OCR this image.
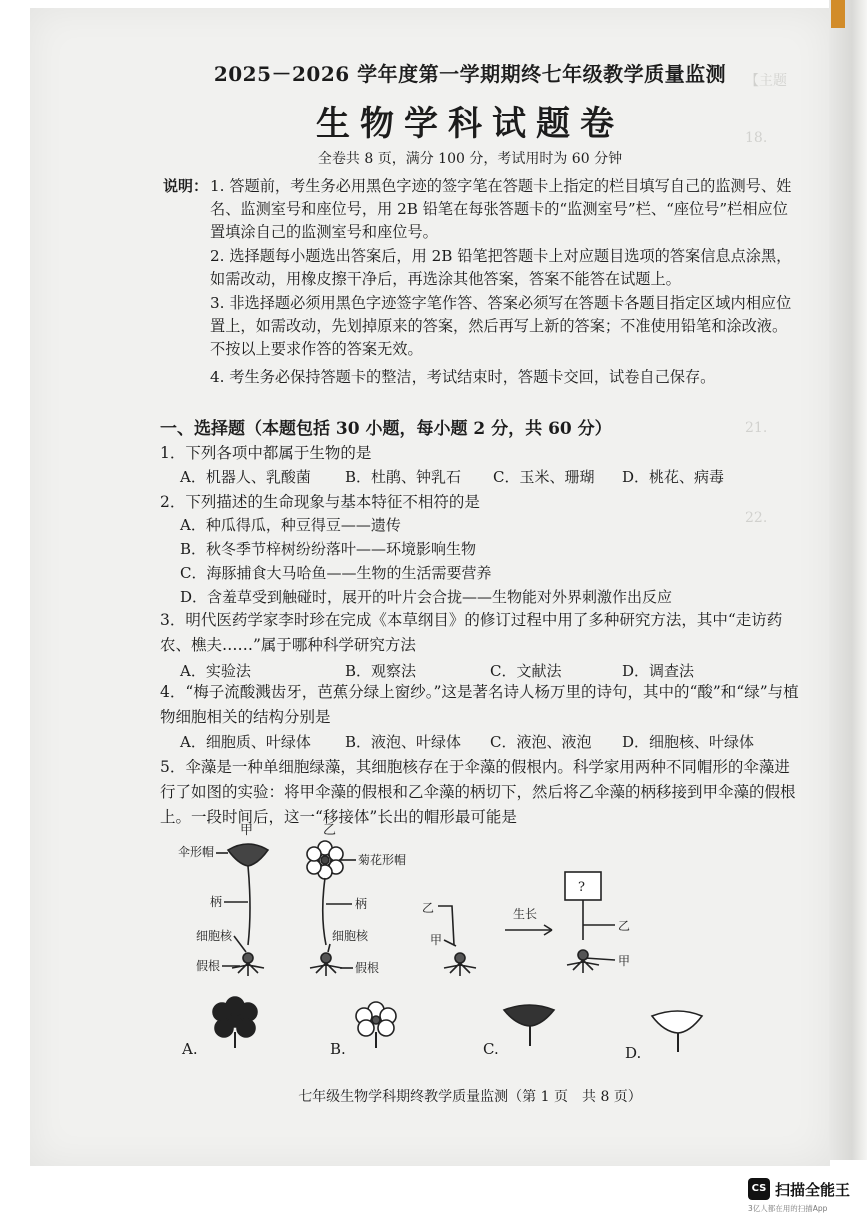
【主题
18.
21.
22.
2025－2026 学年度第一学期期终七年级教学质量监测
生物学科试题卷
全卷共 8 页，满分 100 分，考试用时为 60 分钟
说明： 1. 答题前，考生务必用黑色字迹的签字笔在答题卡上指定的栏目填写自己的监测号、姓名、监测室号和座位号，用 2B 铅笔在每张答题卡的“监测室号”栏、“座位号”栏相应位置填涂自己的监测室号和座位号。
2. 选择题每小题选出答案后，用 2B 铅笔把答题卡上对应题目选项的答案信息点涂黑，如需改动，用橡皮擦干净后，再选涂其他答案，答案不能答在试题上。
3. 非选择题必须用黑色字迹签字笔作答、答案必须写在答题卡各题目指定区域内相应位置上，如需改动，先划掉原来的答案，然后再写上新的答案；不准使用铅笔和涂改液。不按以上要求作答的答案无效。
4. 考生务必保持答题卡的整洁，考试结束时，答题卡交回，试卷自己保存。
一、选择题（本题包括 30 小题，每小题 2 分，共 60 分）
1．下列各项中都属于生物的是
A．机器人、乳酸菌 B．杜鹃、钟乳石 C．玉米、珊瑚 D．桃花、病毒
2．下列描述的生命现象与基本特征不相符的是
A．种瓜得瓜，种豆得豆——遗传
B．秋冬季节梓树纷纷落叶——环境影响生物
C．海豚捕食大马哈鱼——生物的生活需要营养
D．含羞草受到触碰时，展开的叶片会合拢——生物能对外界刺激作出反应
3．明代医药学家李时珍在完成《本草纲目》的修订过程中用了多种研究方法，其中“走访药农、樵夫……”属于哪种科学研究方法
A．实验法	B．观察法	C．文献法	D．调查法
4．“梅子流酸溅齿牙，芭蕉分绿上窗纱。”这是著名诗人杨万里的诗句，其中的“酸”和“绿”与植物细胞相关的结构分别是
A．细胞质、叶绿体 B．液泡、叶绿体 C．液泡、液泡 D．细胞核、叶绿体
5．伞藻是一种单细胞绿藻，其细胞核存在于伞藻的假根内。科学家用两种不同帽形的伞藻进行了如图的实验：将甲伞藻的假根和乙伞藻的柄切下，然后将乙伞藻的柄移接到甲伞藻的假根上。一段时间后，这一“移接体”长出的帽形最可能是
甲
伞形帽
柄
细胞核
假根
乙
菊花形帽
柄
细胞核
假根
乙
甲
生长
?
乙
甲
A.	B.	C.	D.
七年级生物学科期终教学质量监测（第 1 页　共 8 页）
CS 扫描全能王
3亿人都在用的扫描App
